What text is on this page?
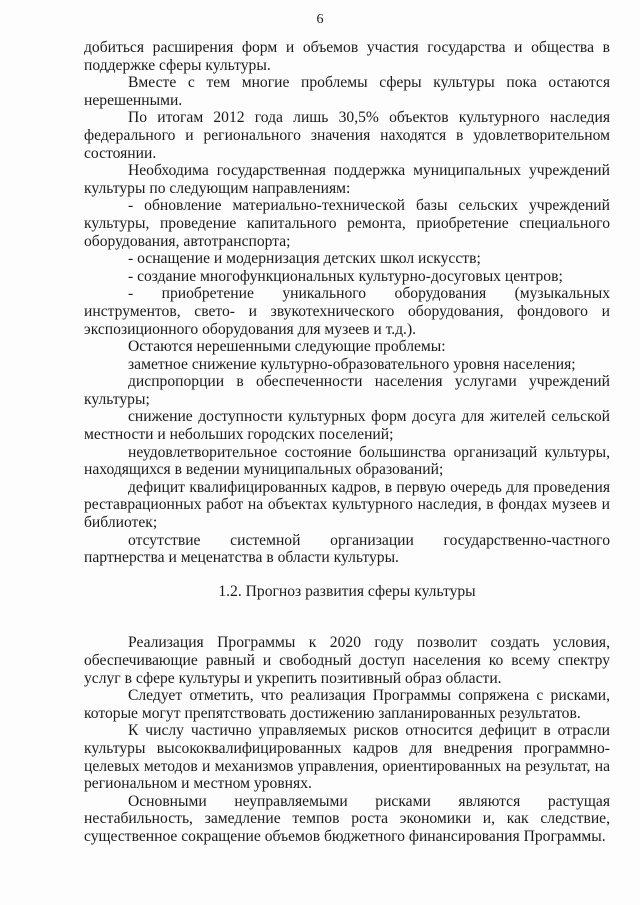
6

добиться расширения форм и объемов участия государства и общества в поддержке сферы культуры.

Вместе с тем многие проблемы сферы культуры пока остаются нерешенными.

По итогам 2012 года лишь 30,5% объектов культурного наследия федерального и регионального значения находятся в удовлетворительном состоянии.

Необходима государственная поддержка муниципальных учреждений культуры по следующим направлениям:

- обновление материально-технической базы сельских учреждений культуры, проведение капитального ремонта, приобретение специального оборудования, автотранспорта;

- оснащение и модернизация детских школ искусств;

- создание многофункциональных культурно-досуговых центров;

- приобретение уникального оборудования (музыкальных инструментов, свето- и звукотехнического оборудования, фондового и экспозиционного оборудования для музеев и т.д.).

Остаются нерешенными следующие проблемы:

заметное снижение культурно-образовательного уровня населения;

диспропорции в обеспеченности населения услугами учреждений культуры;

снижение доступности культурных форм досуга для жителей сельской местности и небольших городских поселений;

неудовлетворительное состояние большинства организаций культуры, находящихся в ведении муниципальных образований;

дефицит квалифицированных кадров, в первую очередь для проведения реставрационных работ на объектах культурного наследия, в фондах музеев и библиотек;

отсутствие системной организации государственно-частного партнерства и меценатства в области культуры.

1.2. Прогноз развития сферы культуры

Реализация Программы к 2020 году позволит создать условия, обеспечивающие равный и свободный доступ населения ко всему спектру услуг в сфере культуры и укрепить позитивный образ области.

Следует отметить, что реализация Программы сопряжена с рисками, которые могут препятствовать достижению запланированных результатов.

К числу частично управляемых рисков относится дефицит в отрасли культуры высококвалифицированных кадров для внедрения программно-целевых методов и механизмов управления, ориентированных на результат, на региональном и местном уровнях.

Основными неуправляемыми рисками являются растущая нестабильность, замедление темпов роста экономики и, как следствие, существенное сокращение объемов бюджетного финансирования Программы.
